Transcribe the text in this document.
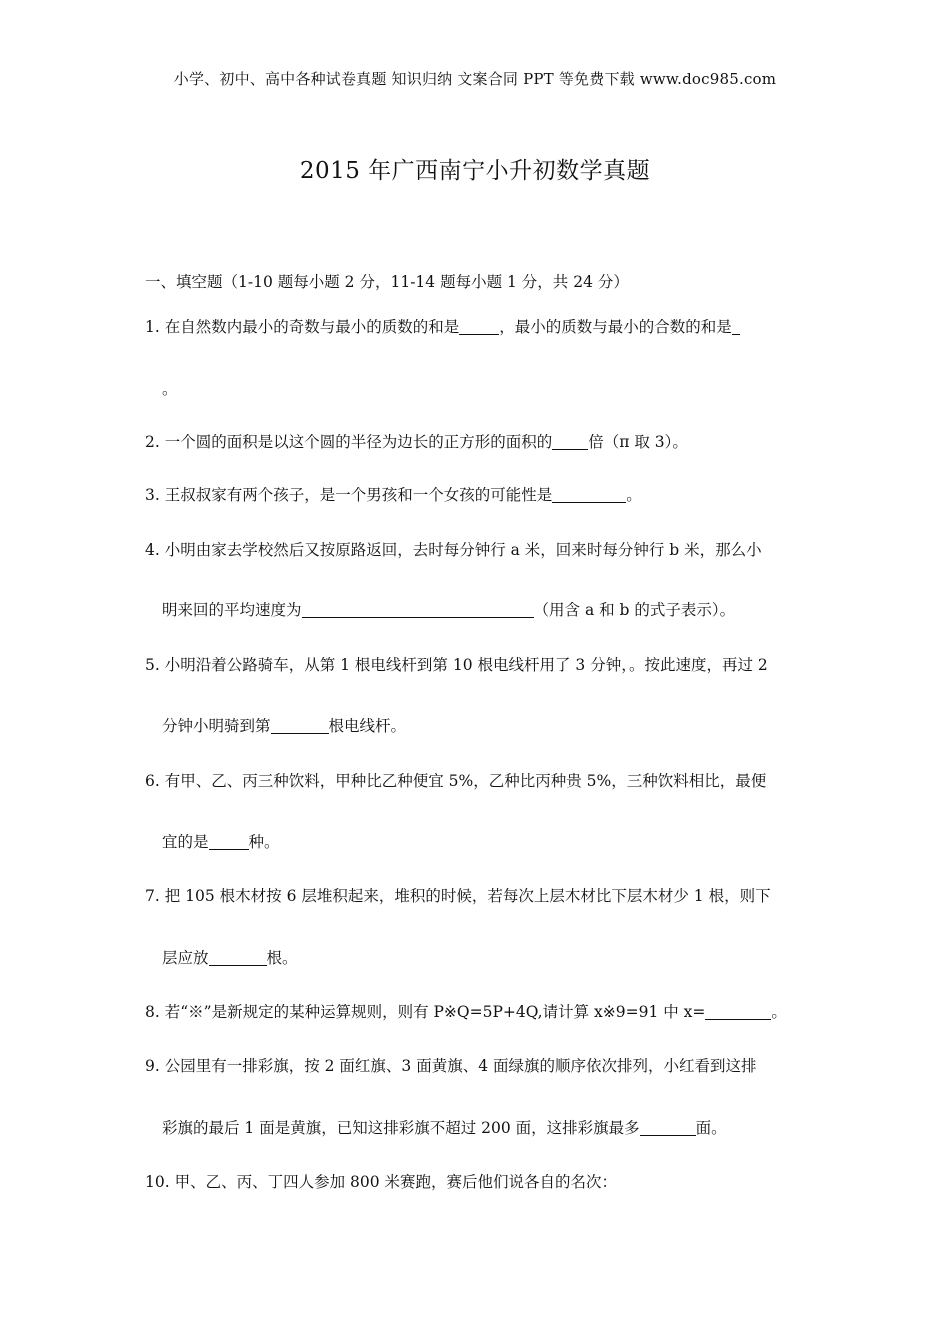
小学、初中、高中各种试卷真题 知识归纳 文案合同 PPT 等免费下载 www.doc985.com
2015 年广西南宁小升初数学真题
一、填空题（1-10 题每小题 2 分，11-14 题每小题 1 分，共 24 分）
1. 在自然数内最小的奇数与最小的质数的和是	，最小的质数与最小的合数的和是
。
2. 一个圆的面积是以这个圆的半径为边长的正方形的面积的 倍（π 取 3）。
3. 王叔叔家有两个孩子，是一个男孩和一个女孩的可能性是	。
4. 小明由家去学校然后又按原路返回，去时每分钟行 a 米，回来时每分钟行 b 米，那么小
明来回的平均速度为	（用含 a 和 b 的式子表示）。
5. 小明沿着公路骑车，从第 1 根电线杆到第 10 根电线杆用了 3 分钟，。按此速度，再过 2
分钟小明骑到第	根电线杆。
6. 有甲、乙、丙三种饮料，甲种比乙种便宜 5%，乙种比丙种贵 5%，三种饮料相比，最便
宜的是	种。
7. 把 105 根木材按 6 层堆积起来，堆积的时候，若每次上层木材比下层木材少 1 根，则下
层应放	根。
8. 若“※”是新规定的某种运算规则，则有 P※Q=5P+4Q,请计算 x※9=91 中 x=	。
9. 公园里有一排彩旗，按 2 面红旗、3 面黄旗、4 面绿旗的顺序依次排列，小红看到这排
彩旗的最后 1 面是黄旗，已知这排彩旗不超过 200 面，这排彩旗最多	面。
10. 甲、乙、丙、丁四人参加 800 米赛跑，赛后他们说各自的名次：
